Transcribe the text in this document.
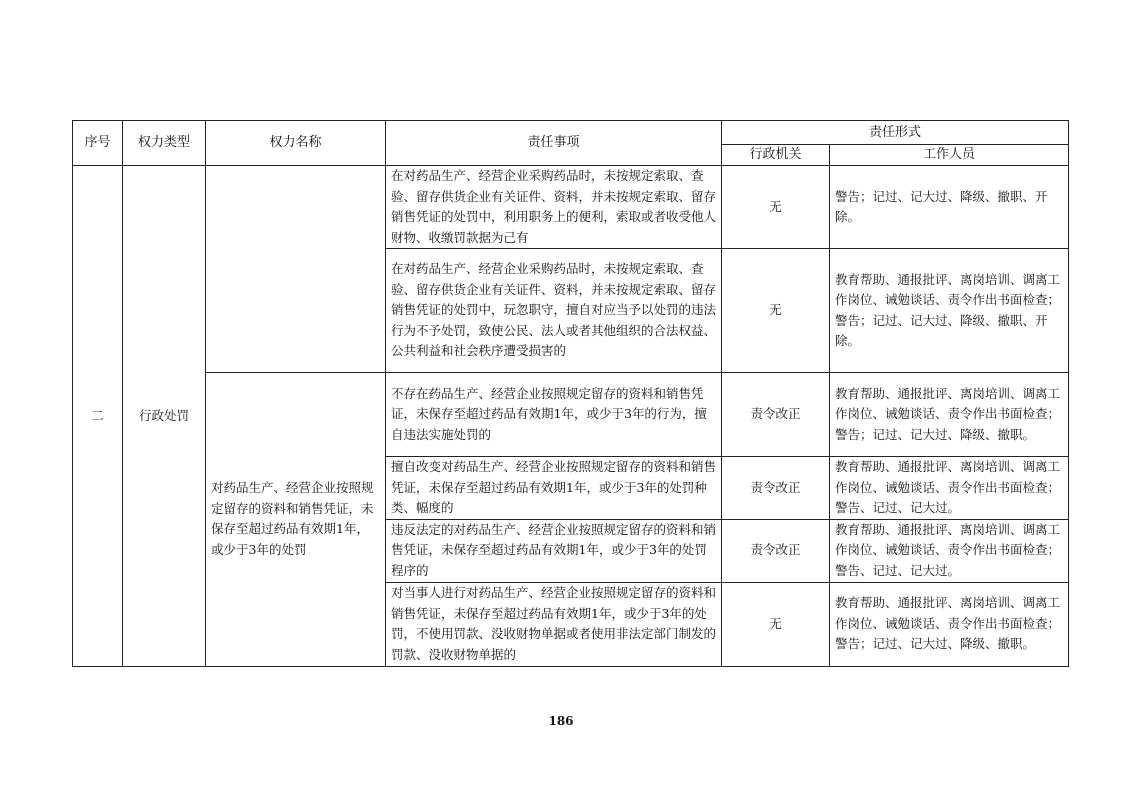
序号	权力类型	权力名称	责任事项	责任形式	
				行政机关	工作人员
二	行政处罚		在对药品生产、经营企业采购药品时，未按规定索取、查验、留存供货企业有关证件、资料，并未按规定索取、留存销售凭证的处罚中，利用职务上的便利，索取或者收受他人财物、收缴罚款据为己有	无	警告；记过、记大过、降级、撤职、开除。
			在对药品生产、经营企业采购药品时，未按规定索取、查验、留存供货企业有关证件、资料，并未按规定索取、留存销售凭证的处罚中，玩忽职守，擅自对应当予以处罚的违法行为不予处罚，致使公民、法人或者其他组织的合法权益、公共利益和社会秩序遭受损害的	无	教育帮助、通报批评、离岗培训、调离工作岗位、诫勉谈话、责令作出书面检查；警告；记过、记大过、降级、撤职、开除。
		对药品生产、经营企业按照规定留存的资料和销售凭证，未保存至超过药品有效期1年，或少于3年的处罚	不存在药品生产、经营企业按照规定留存的资料和销售凭证，未保存至超过药品有效期1年，或少于3年的行为，擅自违法实施处罚的	责令改正	教育帮助、通报批评、离岗培训、调离工作岗位、诫勉谈话、责令作出书面检查；警告；记过、记大过、降级、撤职。
			擅自改变对药品生产、经营企业按照规定留存的资料和销售凭证，未保存至超过药品有效期1年，或少于3年的处罚种类、幅度的	责令改正	教育帮助、通报批评、离岗培训、调离工作岗位、诫勉谈话、责令作出书面检查；警告、记过、记大过。
			违反法定的对药品生产、经营企业按照规定留存的资料和销售凭证，未保存至超过药品有效期1年，或少于3年的处罚程序的	责令改正	教育帮助、通报批评、离岗培训、调离工作岗位、诫勉谈话、责令作出书面检查；警告、记过、记大过。
			对当事人进行对药品生产、经营企业按照规定留存的资料和销售凭证，未保存至超过药品有效期1年，或少于3年的处罚，不使用罚款、没收财物单据或者使用非法定部门制发的罚款、没收财物单据的	无	教育帮助、通报批评、离岗培训、调离工作岗位、诫勉谈话、责令作出书面检查；警告；记过、记大过、降级、撤职。
186
